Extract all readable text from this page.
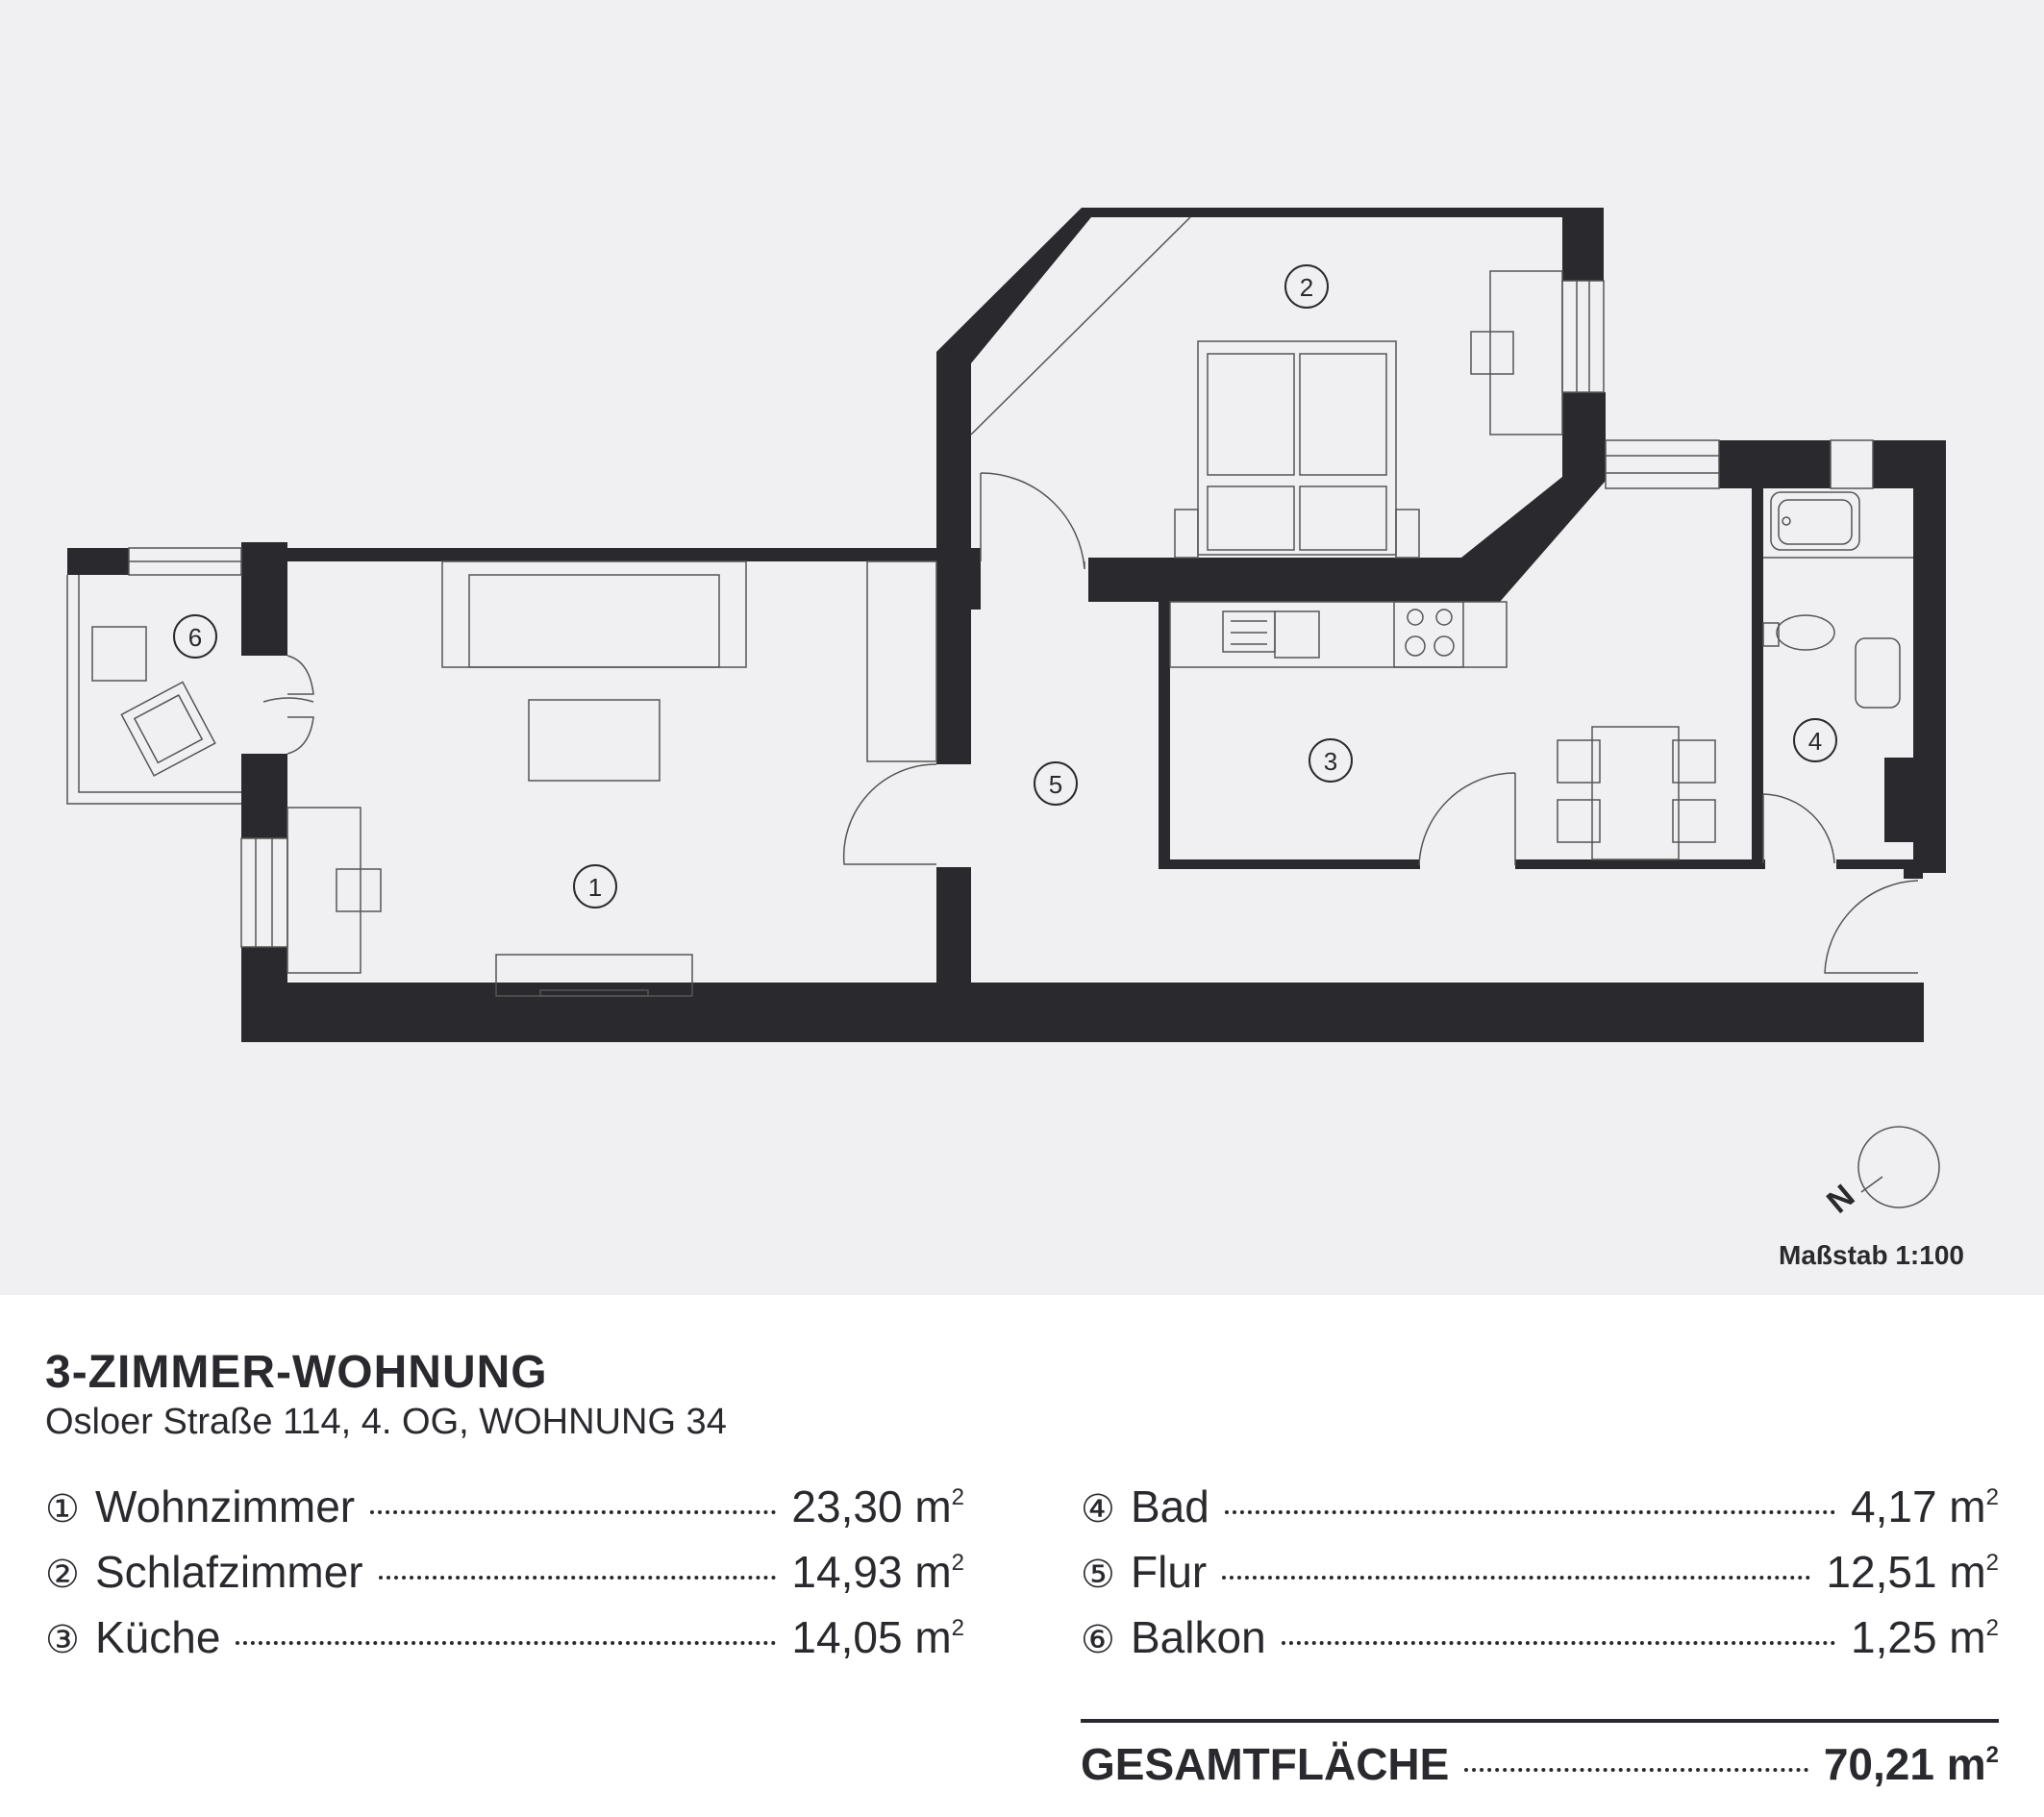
1
2
3
4
5
6
N
Maßstab 1:100
3-ZIMMER-WOHNUNG
Osloer Straße 114, 4. OG, WOHNUNG 34
① Wohnzimmer	23,30 $m^2$
② Schlafzimmer	14,93 $m^2$
③ Küche	14,05 $m^2$
④ Bad	4,17 $m^2$
⑤ Flur	12,51 $m^2$
⑥ Balkon	1,25 $m^2$
GESAMTFLÄCHE	70,21 $m^2$
